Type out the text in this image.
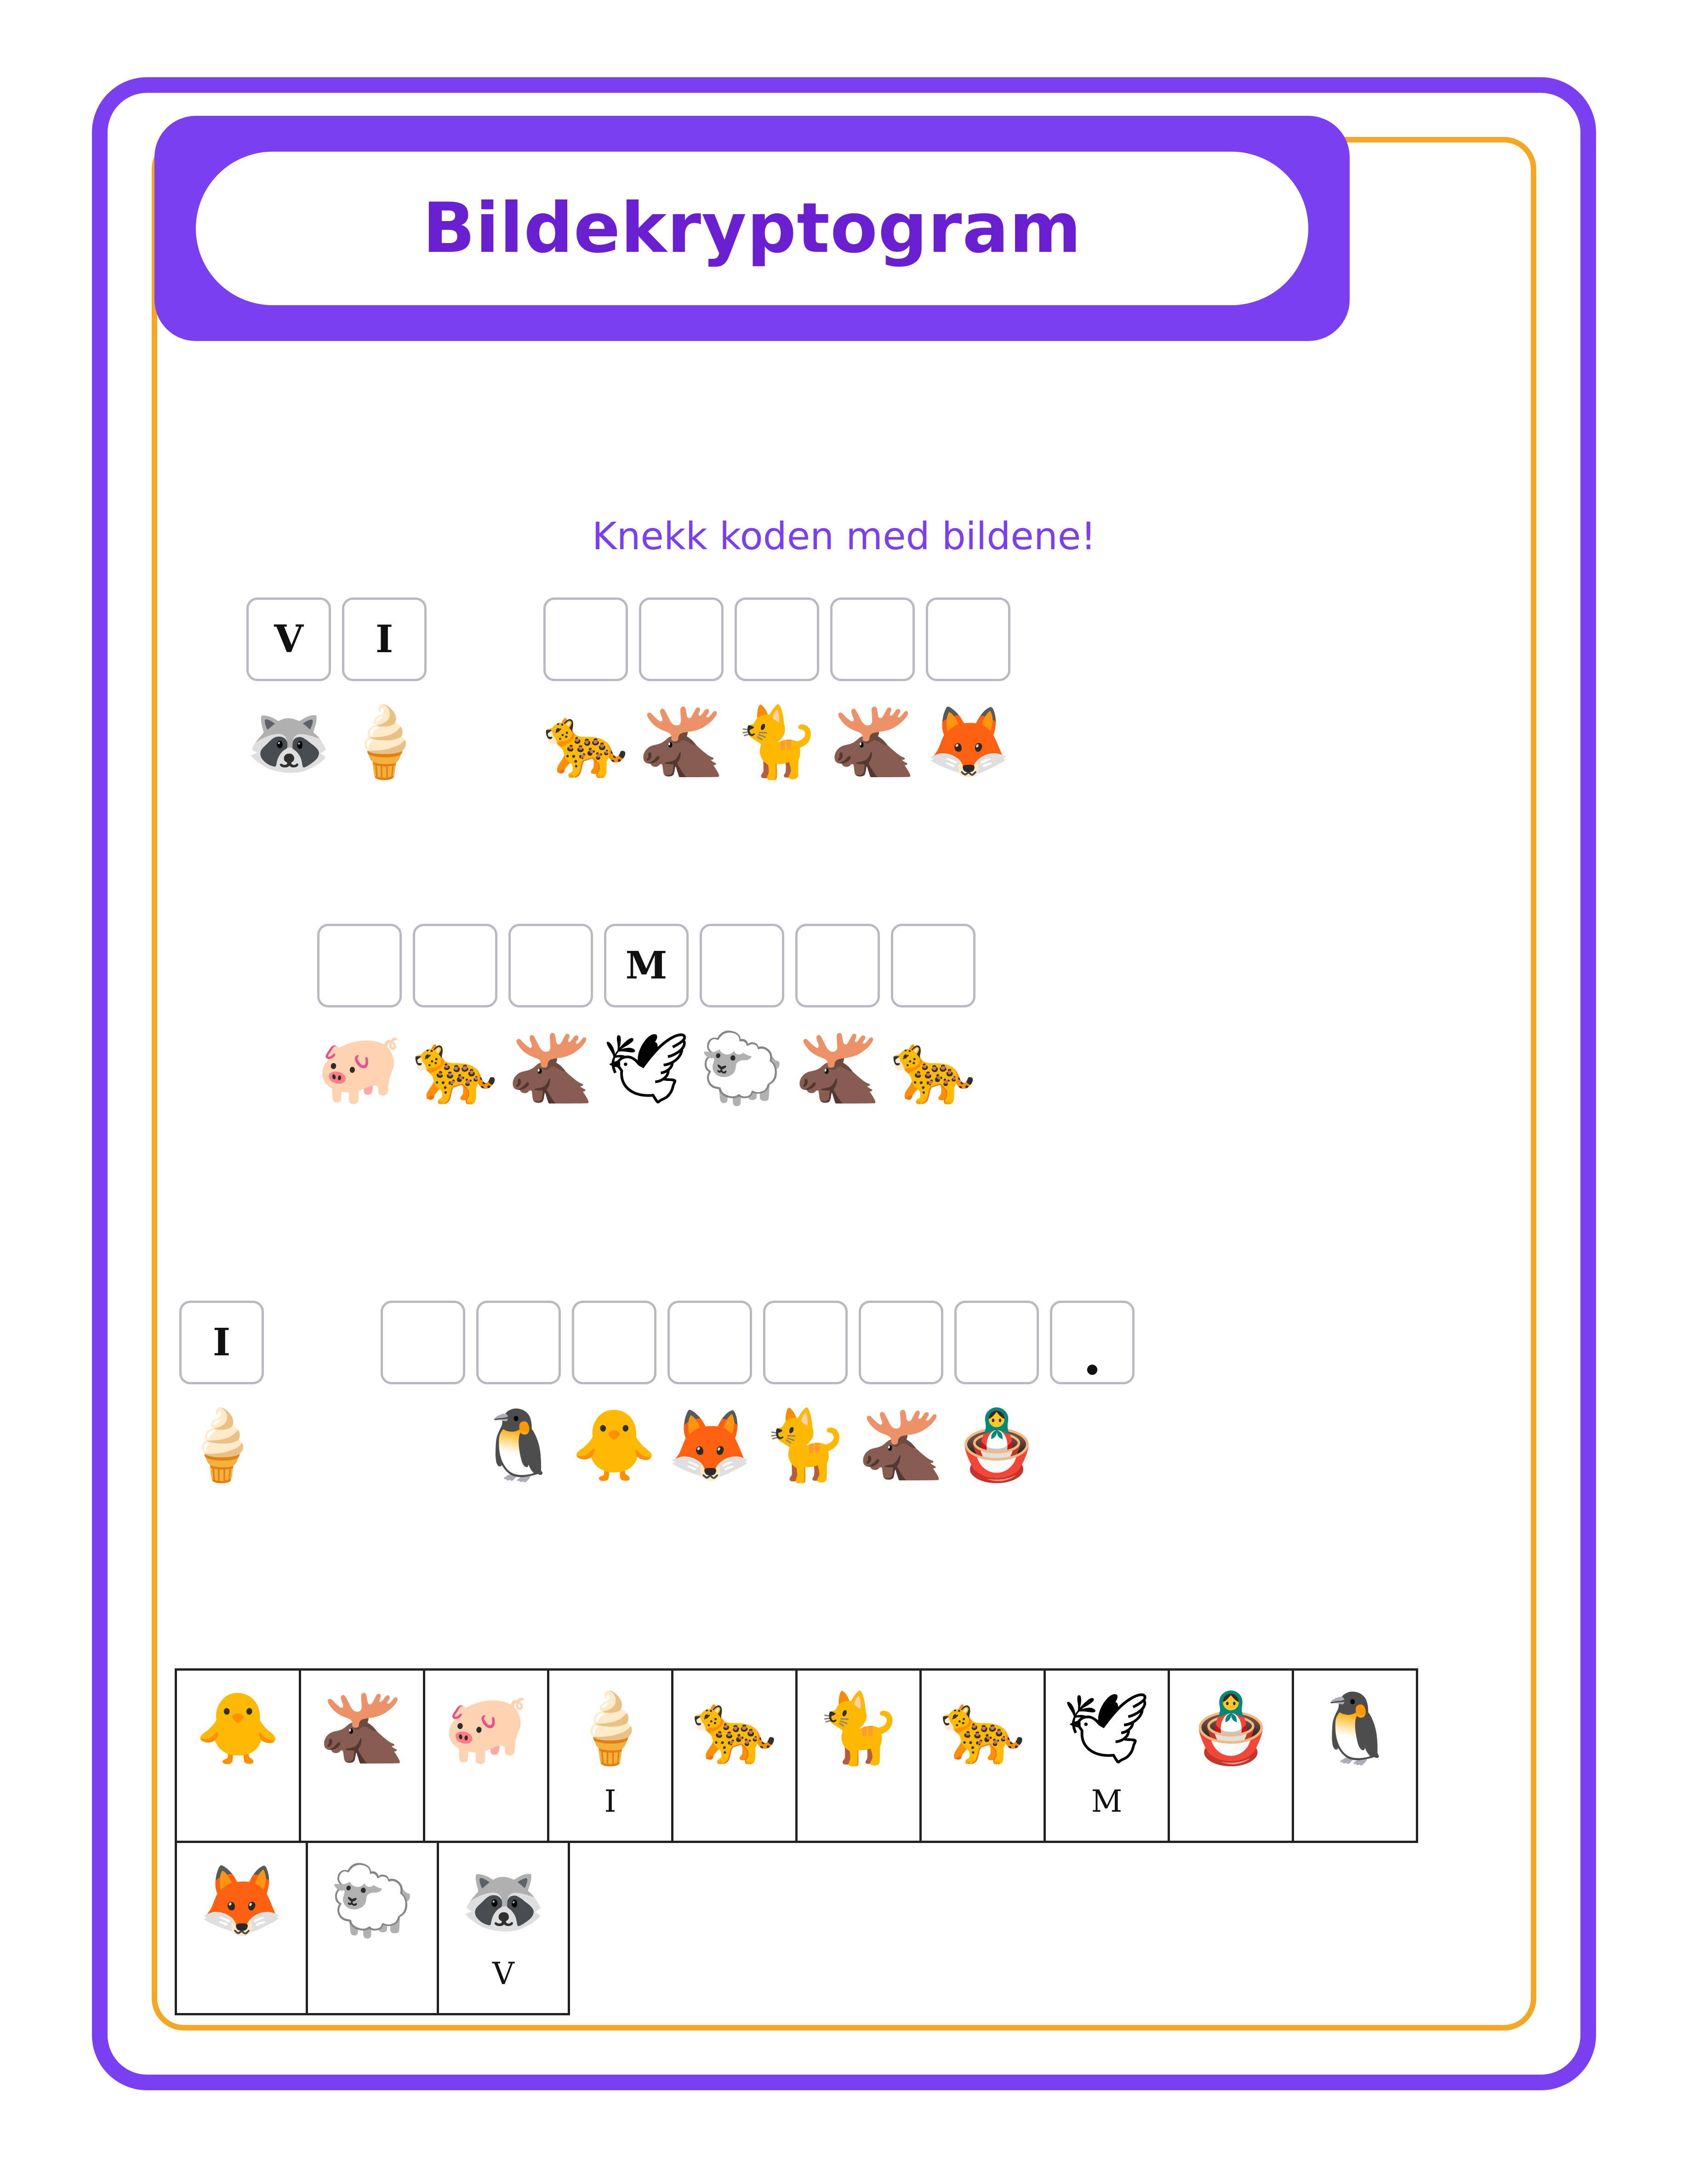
Bildekryptogram
Knekk koden med bildene!
V
🦝
I
🍦 🐆 🫎 🐈 🫎 🦊
🐖 🐆 🫎
M
🕊 🐑 🫎 🐆
I
🍦	🐧 🐥 🦊 🐈 🫎 🪆
.
🐥 🫎 🐖 🍦
I
🐆 🐈 🐆 🕊
M
🪆 🐧
🦊 🐑 🦝
V
